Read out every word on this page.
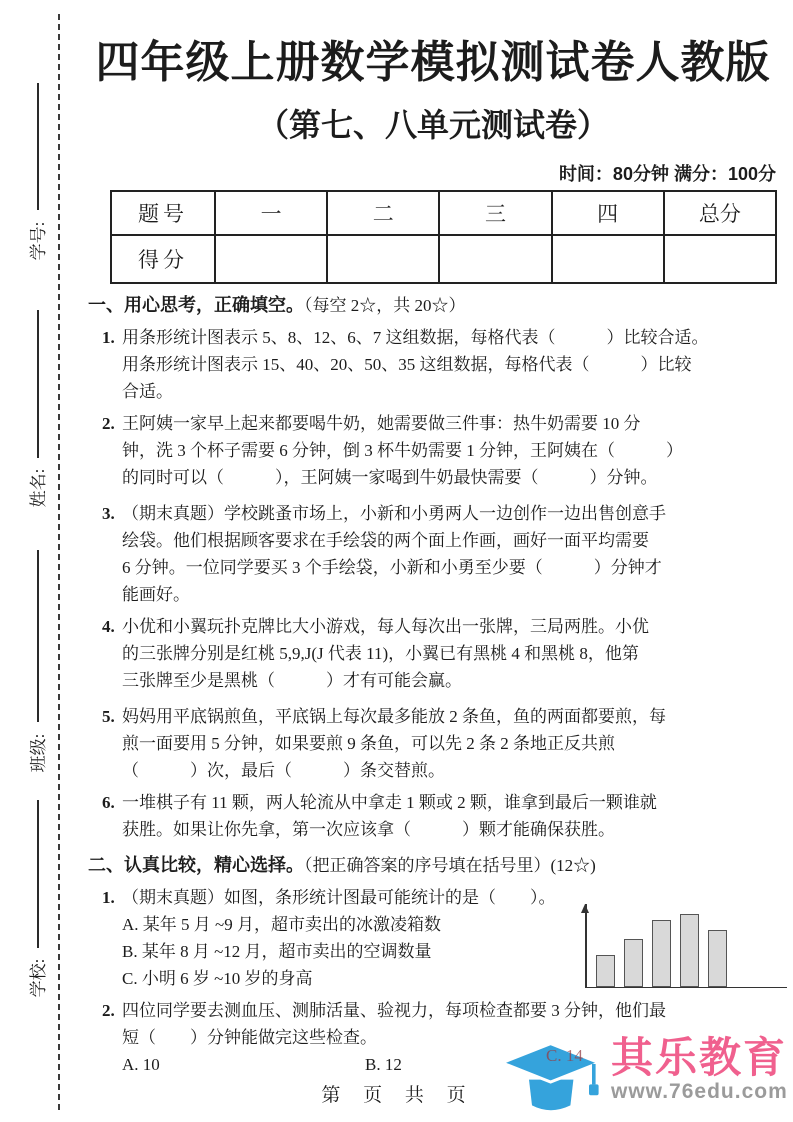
学号:
姓名:
班级:
学校:
四年级上册数学模拟测试卷人教版
（第七、八单元测试卷）
时间：80分钟 满分：100分
题号	一	二	三	四	总分
得分					
一、用心思考，正确填空。（每空 2☆，共 20☆）
1. 用条形统计图表示 5、8、12、6、7 这组数据，每格代表（　　　）比较合适。
用条形统计图表示 15、40、20、50、35 这组数据，每格代表（　　　）比较
合适。
2. 王阿姨一家早上起来都要喝牛奶，她需要做三件事：热牛奶需要 10 分
钟，洗 3 个杯子需要 6 分钟，倒 3 杯牛奶需要 1 分钟，王阿姨在（　　　）
的同时可以（　　　），王阿姨一家喝到牛奶最快需要（　　　）分钟。
3. （期末真题）学校跳蚤市场上，小新和小勇两人一边创作一边出售创意手
绘袋。他们根据顾客要求在手绘袋的两个面上作画，画好一面平均需要
6 分钟。一位同学要买 3 个手绘袋，小新和小勇至少要（　　　）分钟才
能画好。
4. 小优和小翼玩扑克牌比大小游戏，每人每次出一张牌，三局两胜。小优
的三张牌分别是红桃 5,9,J(J 代表 11)，小翼已有黑桃 4 和黑桃 8，他第
三张牌至少是黑桃（　　　）才有可能会赢。
5. 妈妈用平底锅煎鱼，平底锅上每次最多能放 2 条鱼，鱼的两面都要煎，每
煎一面要用 5 分钟，如果要煎 9 条鱼，可以先 2 条 2 条地正反共煎
（　　　）次，最后（　　　）条交替煎。
6. 一堆棋子有 11 颗，两人轮流从中拿走 1 颗或 2 颗，谁拿到最后一颗谁就
获胜。如果让你先拿，第一次应该拿（　　　）颗才能确保获胜。
二、认真比较，精心选择。（把正确答案的序号填在括号里）(12☆)
1. （期末真题）如图，条形统计图最可能统计的是（　　）。
A. 某年 5 月 ~9 月，超市卖出的冰激凌箱数
B. 某年 8 月 ~12 月，超市卖出的空调数量
C. 小明 6 岁 ~10 岁的身高
2. 四位同学要去测血压、测肺活量、验视力，每项检查都要 3 分钟，他们最
短（　　）分钟能做完这些检查。
A. 10	B. 12	C. 14
第 页 共 页
其乐教育
www.76edu.com
